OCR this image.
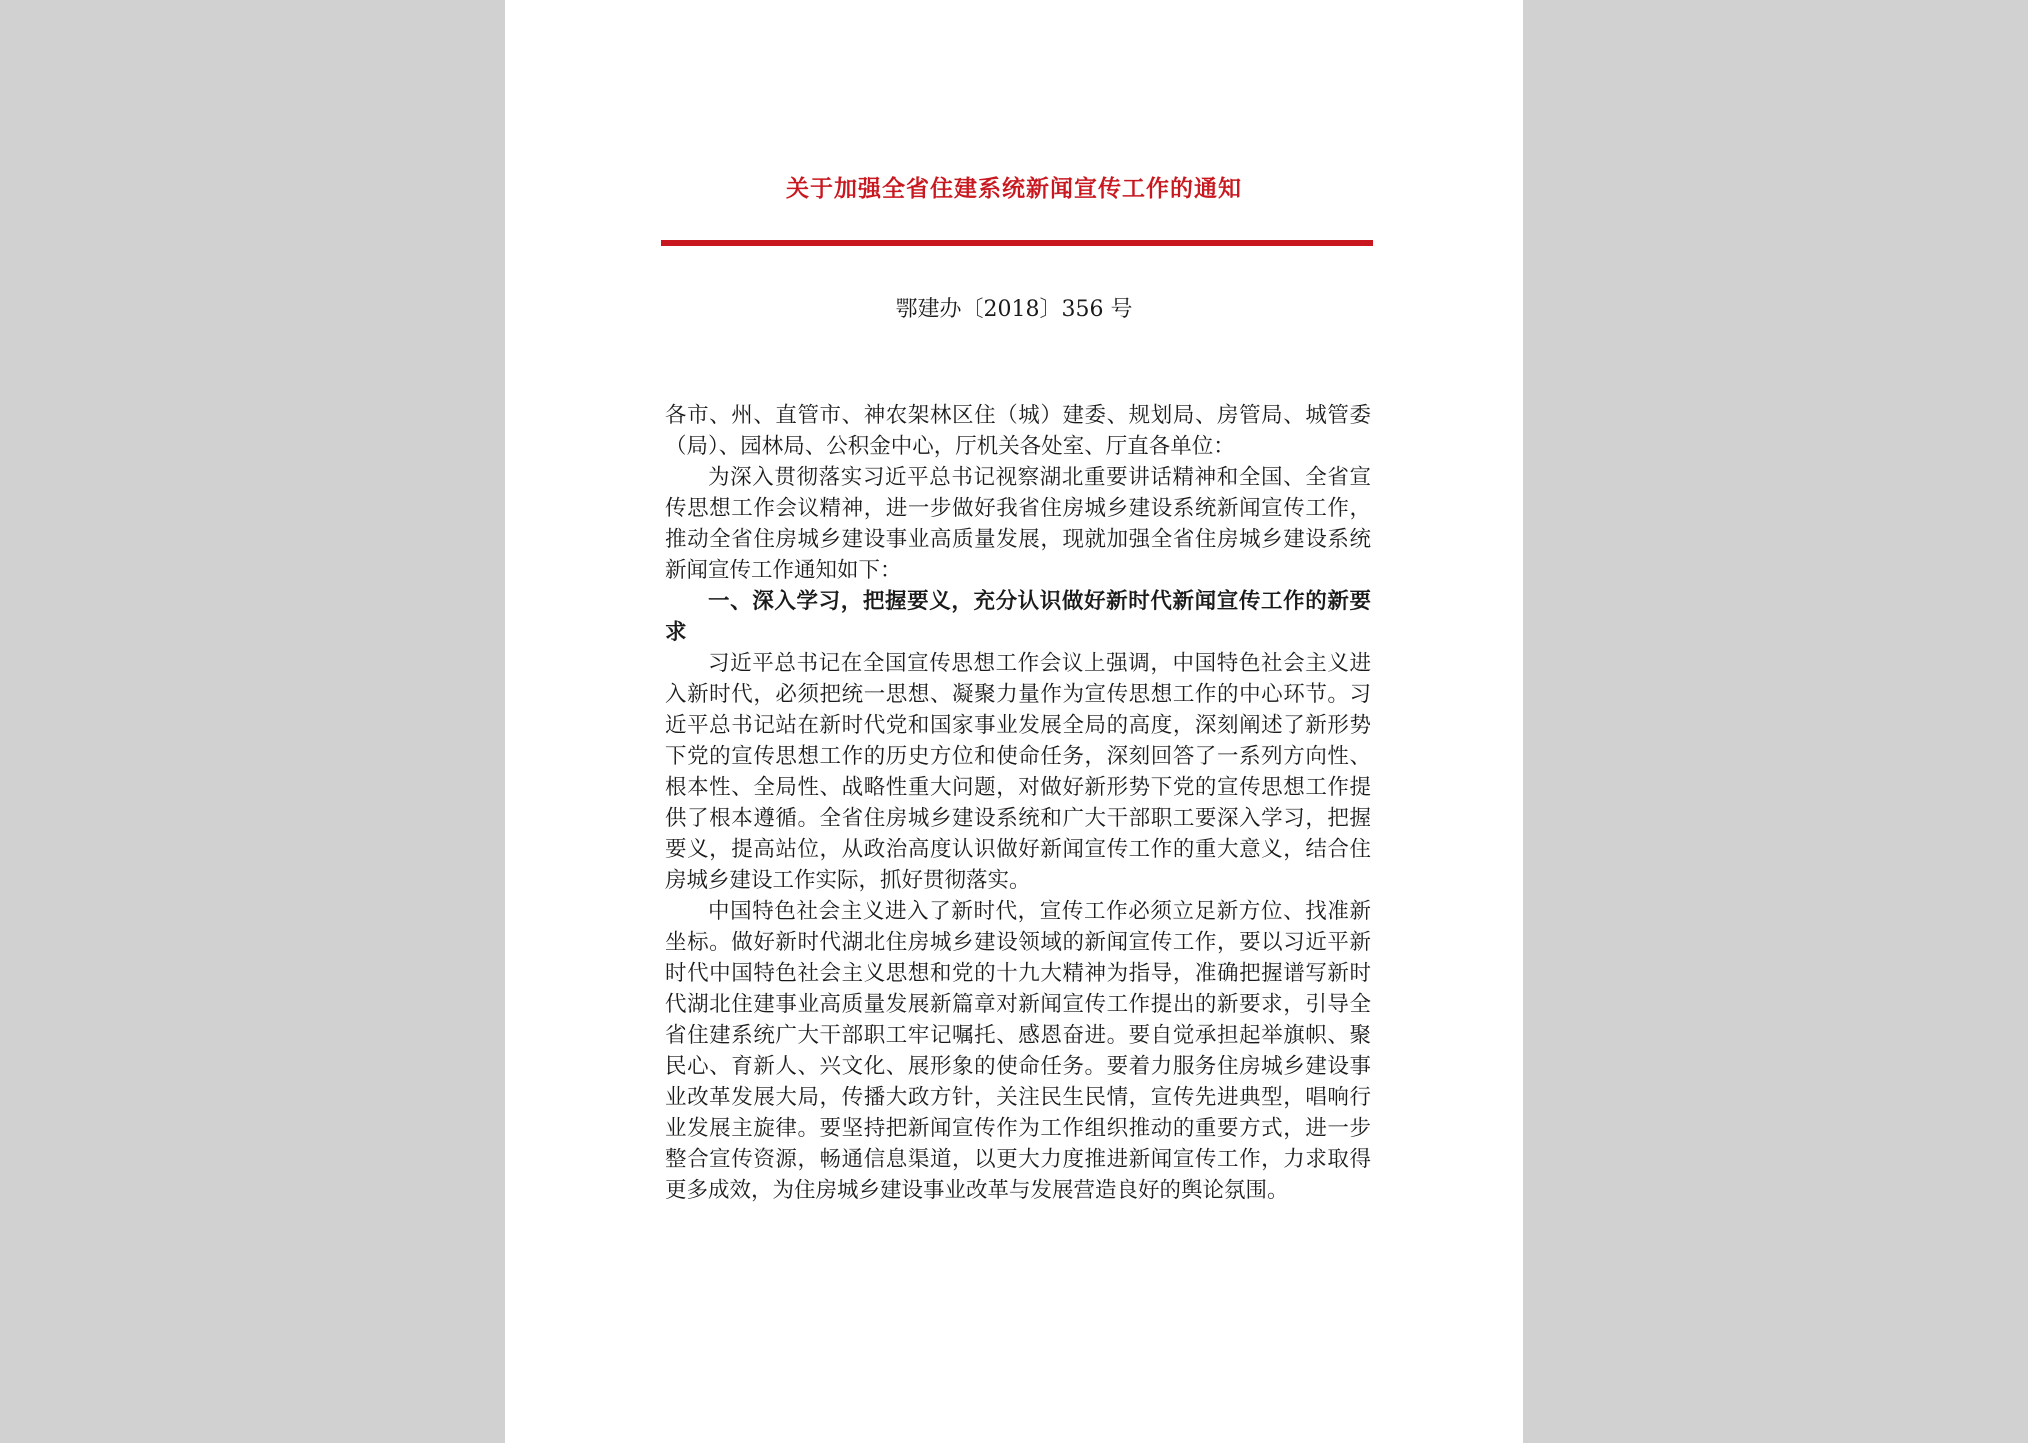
关于加强全省住建系统新闻宣传工作的通知
鄂建办〔2018〕356 号

各市、州、直管市、神农架林区住（城）建委、规划局、房管局、城管委（局）、园林局、公积金中心，厅机关各处室、厅直各单位：

为深入贯彻落实习近平总书记视察湖北重要讲话精神和全国、全省宣传思想工作会议精神，进一步做好我省住房城乡建设系统新闻宣传工作，推动全省住房城乡建设事业高质量发展，现就加强全省住房城乡建设系统新闻宣传工作通知如下：

一、深入学习，把握要义，充分认识做好新时代新闻宣传工作的新要求

习近平总书记在全国宣传思想工作会议上强调，中国特色社会主义进入新时代，必须把统一思想、凝聚力量作为宣传思想工作的中心环节。习近平总书记站在新时代党和国家事业发展全局的高度，深刻阐述了新形势下党的宣传思想工作的历史方位和使命任务，深刻回答了一系列方向性、根本性、全局性、战略性重大问题，对做好新形势下党的宣传思想工作提供了根本遵循。全省住房城乡建设系统和广大干部职工要深入学习，把握要义，提高站位，从政治高度认识做好新闻宣传工作的重大意义，结合住房城乡建设工作实际，抓好贯彻落实。

中国特色社会主义进入了新时代，宣传工作必须立足新方位、找准新坐标。做好新时代湖北住房城乡建设领域的新闻宣传工作，要以习近平新时代中国特色社会主义思想和党的十九大精神为指导，准确把握谱写新时代湖北住建事业高质量发展新篇章对新闻宣传工作提出的新要求，引导全省住建系统广大干部职工牢记嘱托、感恩奋进。要自觉承担起举旗帜、聚民心、育新人、兴文化、展形象的使命任务。要着力服务住房城乡建设事业改革发展大局，传播大政方针，关注民生民情，宣传先进典型，唱响行业发展主旋律。要坚持把新闻宣传作为工作组织推动的重要方式，进一步整合宣传资源，畅通信息渠道，以更大力度推进新闻宣传工作，力求取得更多成效，为住房城乡建设事业改革与发展营造良好的舆论氛围。
